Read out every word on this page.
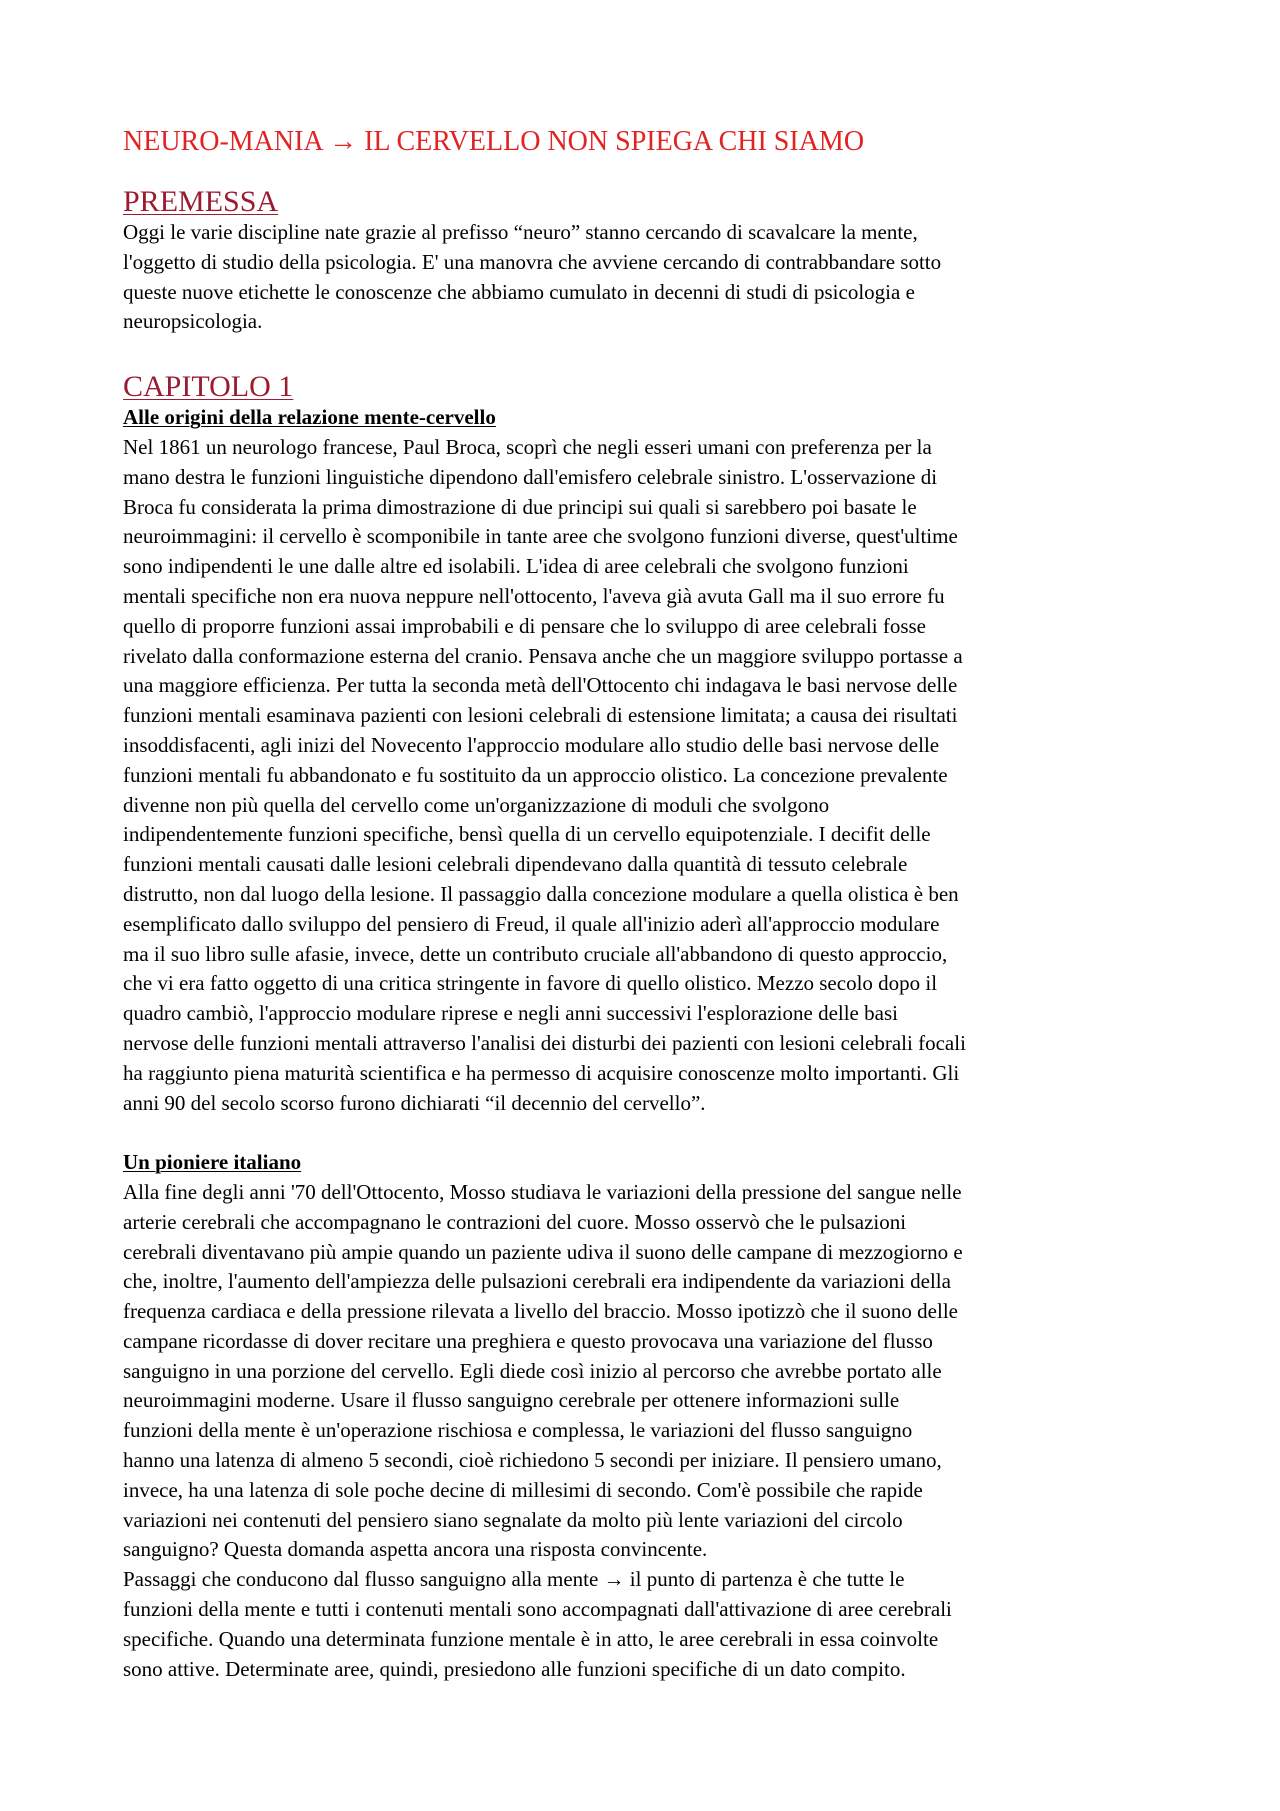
NEURO-MANIA → IL CERVELLO NON SPIEGA CHI SIAMO
PREMESSA

Oggi le varie discipline nate grazie al prefisso “neuro” stanno cercando di scavalcare la mente,
l'oggetto di studio della psicologia. E' una manovra che avviene cercando di contrabbandare sotto
queste nuove etichette le conoscenze che abbiamo cumulato in decenni di studi di psicologia e
neuropsicologia.

CAPITOLO 1
Alle origini della relazione mente-cervello

Nel 1861 un neurologo francese, Paul Broca, scoprì che negli esseri umani con preferenza per la
mano destra le funzioni linguistiche dipendono dall'emisfero celebrale sinistro. L'osservazione di
Broca fu considerata la prima dimostrazione di due principi sui quali si sarebbero poi basate le
neuroimmagini: il cervello è scomponibile in tante aree che svolgono funzioni diverse, quest'ultime
sono indipendenti le une dalle altre ed isolabili. L'idea di aree celebrali che svolgono funzioni
mentali specifiche non era nuova neppure nell'ottocento, l'aveva già avuta Gall ma il suo errore fu
quello di proporre funzioni assai improbabili e di pensare che lo sviluppo di aree celebrali fosse
rivelato dalla conformazione esterna del cranio. Pensava anche che un maggiore sviluppo portasse a
una maggiore efficienza. Per tutta la seconda metà dell'Ottocento chi indagava le basi nervose delle
funzioni mentali esaminava pazienti con lesioni celebrali di estensione limitata; a causa dei risultati
insoddisfacenti, agli inizi del Novecento l'approccio modulare allo studio delle basi nervose delle
funzioni mentali fu abbandonato e fu sostituito da un approccio olistico. La concezione prevalente
divenne non più quella del cervello come un'organizzazione di moduli che svolgono
indipendentemente funzioni specifiche, bensì quella di un cervello equipotenziale. I decifit delle
funzioni mentali causati dalle lesioni celebrali dipendevano dalla quantità di tessuto celebrale
distrutto, non dal luogo della lesione. Il passaggio dalla concezione modulare a quella olistica è ben
esemplificato dallo sviluppo del pensiero di Freud, il quale all'inizio aderì all'approccio modulare
ma il suo libro sulle afasie, invece, dette un contributo cruciale all'abbandono di questo approccio,
che vi era fatto oggetto di una critica stringente in favore di quello olistico. Mezzo secolo dopo il
quadro cambiò, l'approccio modulare riprese e negli anni successivi l'esplorazione delle basi
nervose delle funzioni mentali attraverso l'analisi dei disturbi dei pazienti con lesioni celebrali focali
ha raggiunto piena maturità scientifica e ha permesso di acquisire conoscenze molto importanti. Gli
anni 90 del secolo scorso furono dichiarati “il decennio del cervello”.

Un pioniere italiano

Alla fine degli anni '70 dell'Ottocento, Mosso studiava le variazioni della pressione del sangue nelle
arterie cerebrali che accompagnano le contrazioni del cuore. Mosso osservò che le pulsazioni
cerebrali diventavano più ampie quando un paziente udiva il suono delle campane di mezzogiorno e
che, inoltre, l'aumento dell'ampiezza delle pulsazioni cerebrali era indipendente da variazioni della
frequenza cardiaca e della pressione rilevata a livello del braccio. Mosso ipotizzò che il suono delle
campane ricordasse di dover recitare una preghiera e questo provocava una variazione del flusso
sanguigno in una porzione del cervello. Egli diede così inizio al percorso che avrebbe portato alle
neuroimmagini moderne. Usare il flusso sanguigno cerebrale per ottenere informazioni sulle
funzioni della mente è un'operazione rischiosa e complessa, le variazioni del flusso sanguigno
hanno una latenza di almeno 5 secondi, cioè richiedono 5 secondi per iniziare. Il pensiero umano,
invece, ha una latenza di sole poche decine di millesimi di secondo. Com'è possibile che rapide
variazioni nei contenuti del pensiero siano segnalate da molto più lente variazioni del circolo
sanguigno? Questa domanda aspetta ancora una risposta convincente.

Passaggi che conducono dal flusso sanguigno alla mente → il punto di partenza è che tutte le
funzioni della mente e tutti i contenuti mentali sono accompagnati dall'attivazione di aree cerebrali
specifiche. Quando una determinata funzione mentale è in atto, le aree cerebrali in essa coinvolte
sono attive. Determinate aree, quindi, presiedono alle funzioni specifiche di un dato compito.
